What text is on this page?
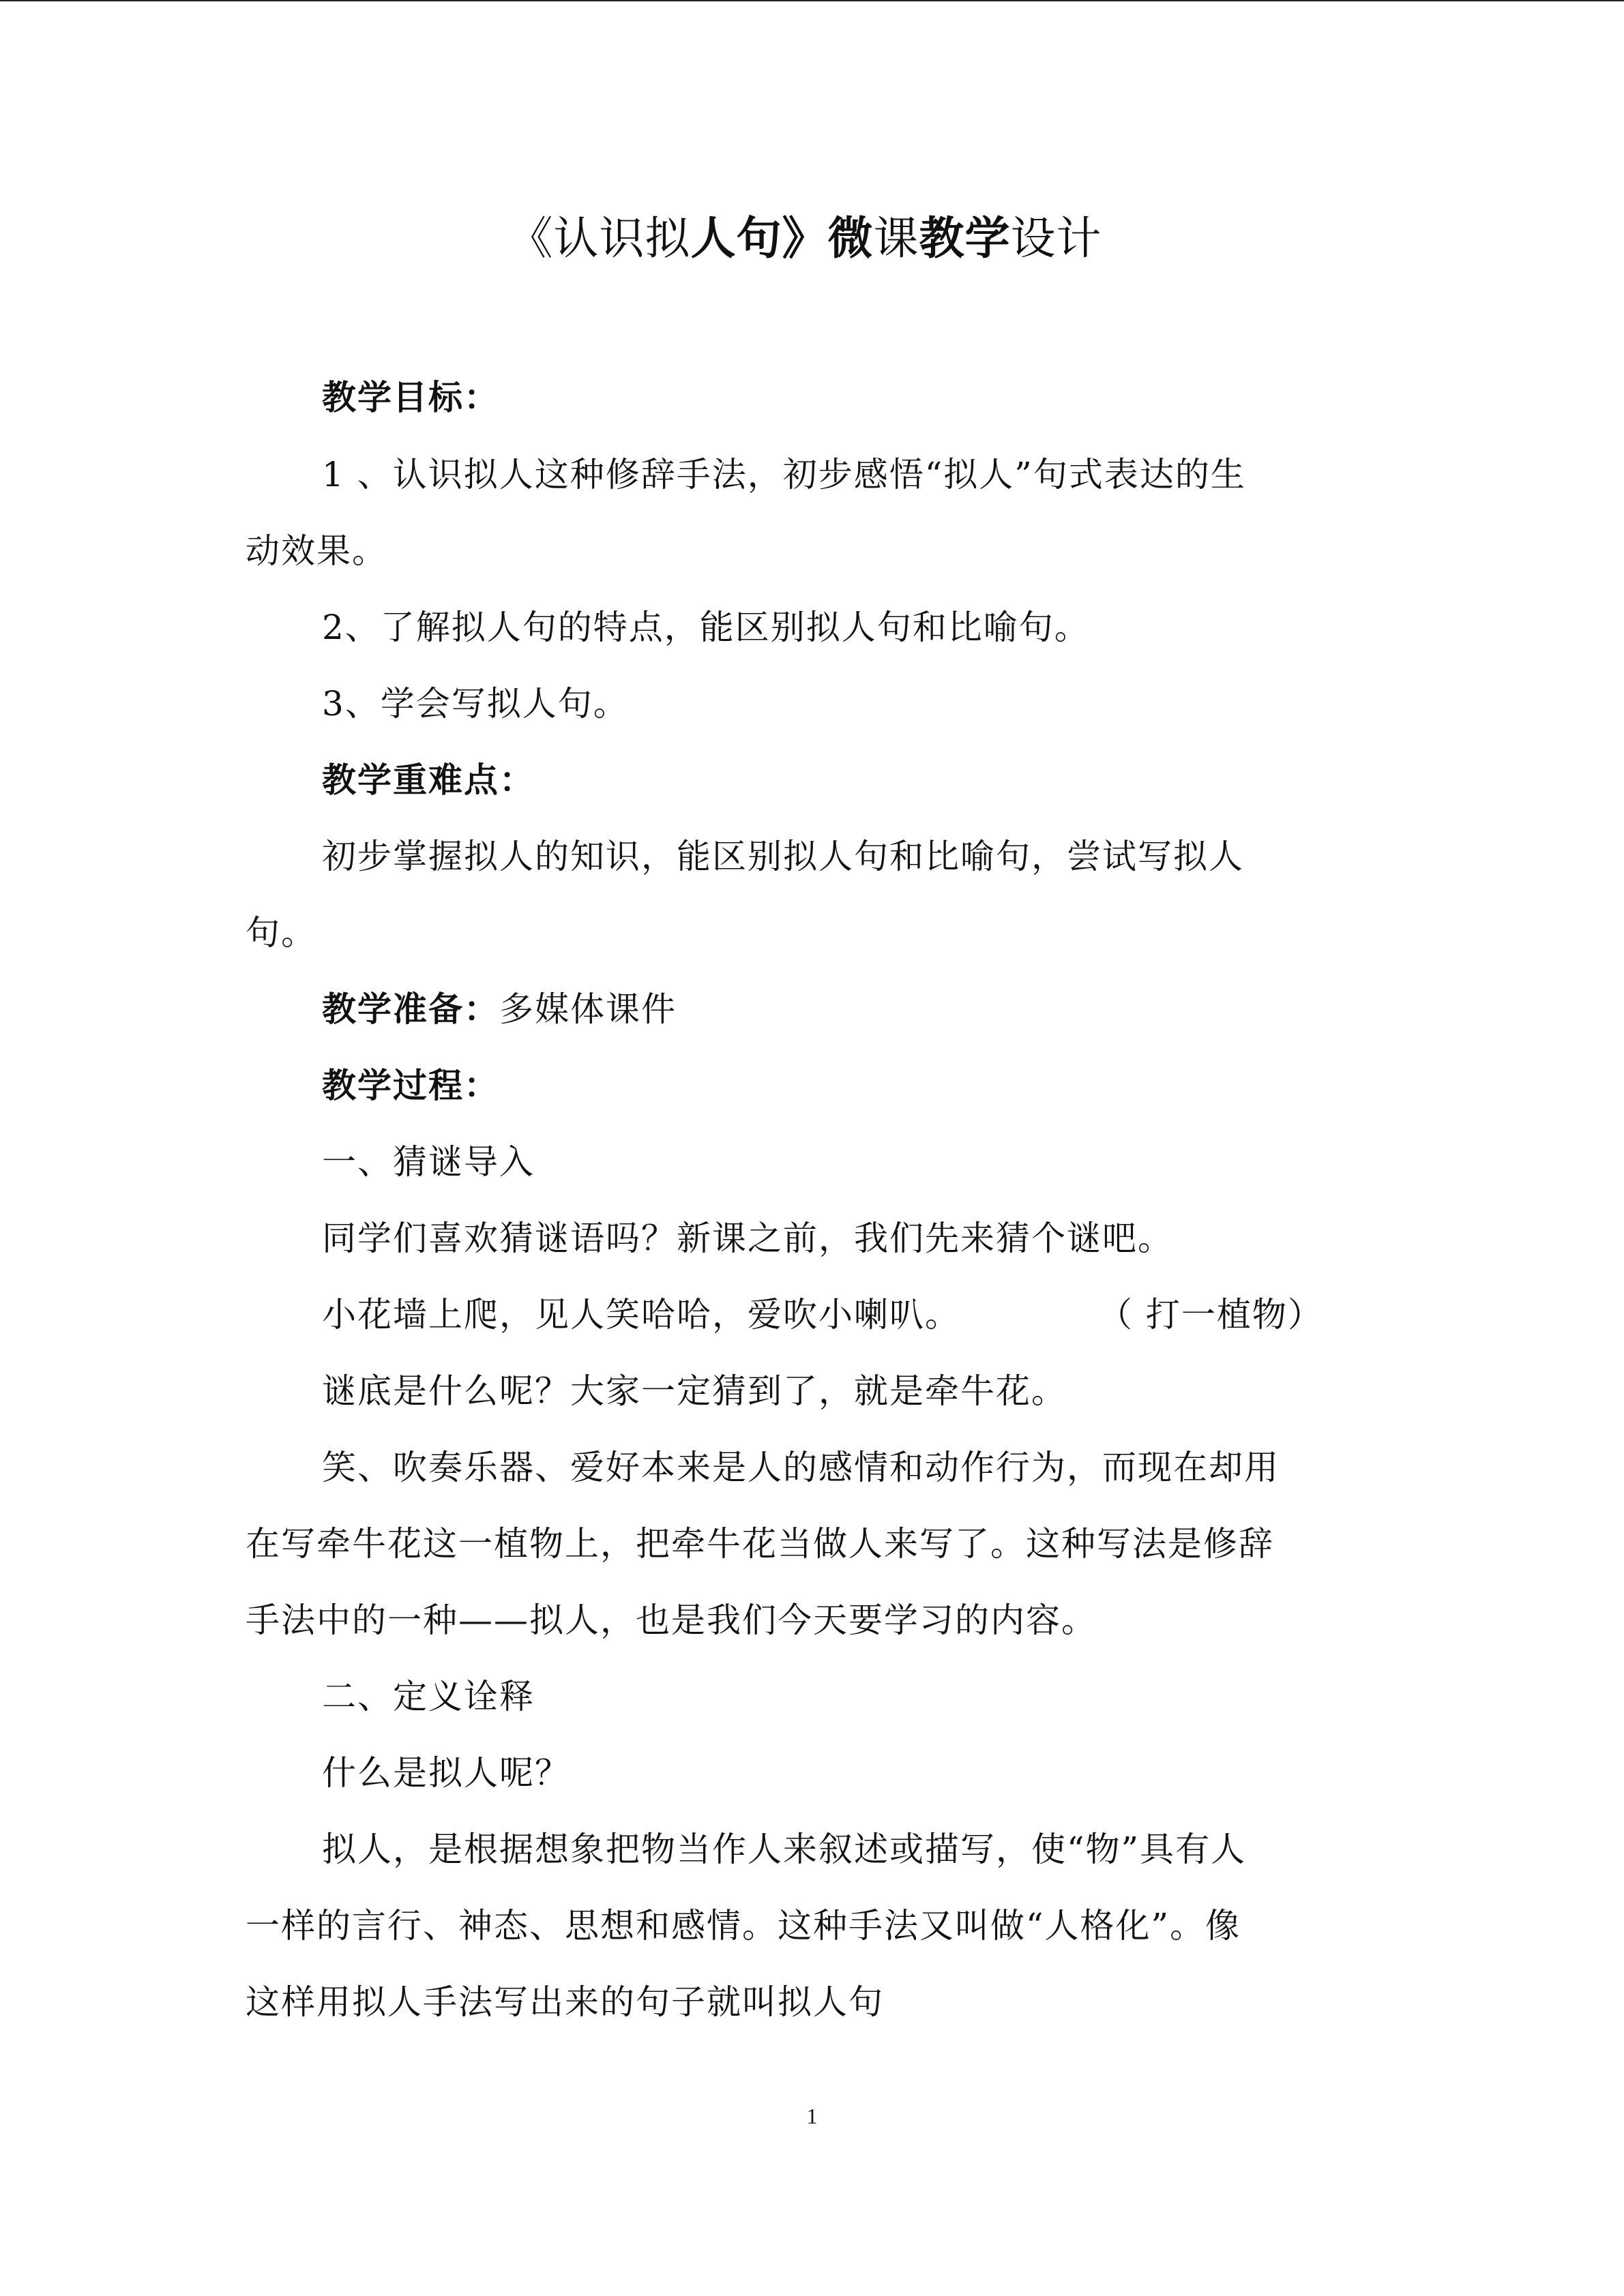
《认识拟人句》微课教学设计
教学目标：
1 、认识拟人这种修辞手法，初步感悟“拟人”句式表达的生
动效果。
2、了解拟人句的特点，能区别拟人句和比喻句。
3、学会写拟人句。
教学重难点：
初步掌握拟人的知识，能区别拟人句和比喻句，尝试写拟人
句。
教学准备：多媒体课件
教学过程：
一、猜谜导入
同学们喜欢猜谜语吗？新课之前，我们先来猜个谜吧。
小花墙上爬，见人笑哈哈，爱吹小喇叭。	（ 打一植物）
谜底是什么呢？大家一定猜到了，就是牵牛花。
笑、吹奏乐器、爱好本来是人的感情和动作行为，而现在却用
在写牵牛花这一植物上，把牵牛花当做人来写了。这种写法是修辞
手法中的一种——拟人，也是我们今天要学习的内容。
二、定义诠释
什么是拟人呢？
拟人，是根据想象把物当作人来叙述或描写，使“物”具有人
一样的言行、神态、思想和感情。这种手法又叫做“人格化”。像
这样用拟人手法写出来的句子就叫拟人句
1
